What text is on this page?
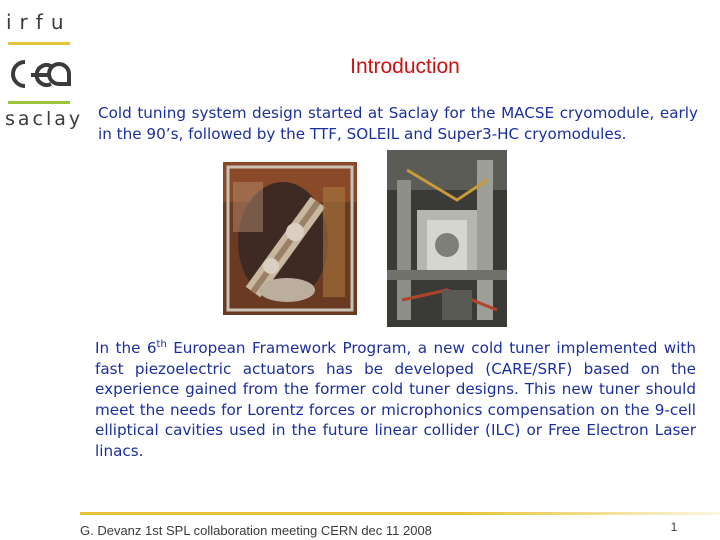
irfu
saclay
Introduction
Cold tuning system design started at Saclay for the MACSE cryomodule, early in the 90’s, followed by the TTF, SOLEIL and Super3-HC cryomodules.
In the 6th European Framework Program, a new cold tuner implemented with fast piezoelectric actuators has be developed (CARE/SRF) based on the experience gained from the former cold tuner designs. This new tuner should meet the needs for Lorentz forces or microphonics compensation on the 9-cell elliptical cavities used in the future linear collider (ILC) or Free Electron Laser linacs.
G. Devanz 1st SPL collaboration meeting CERN dec 11 2008	1
